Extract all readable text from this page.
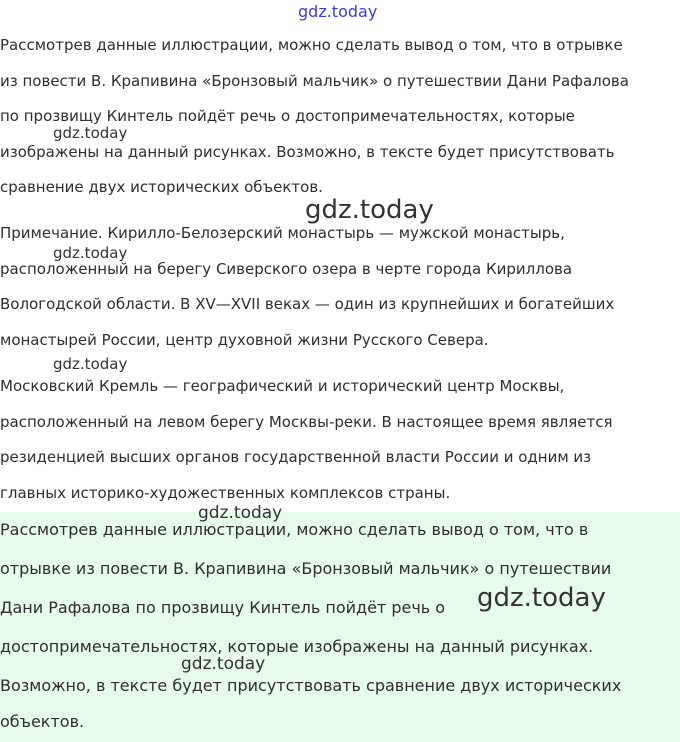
gdz.today
Рассмотрев данные иллюстрации, можно сделать вывод о том, что в отрывке
из повести В. Крапивина «Бронзовый мальчик» о путешествии Дани Рафалова
по прозвищу Кинтель пойдёт речь о достопримечательностях, которые
изображены на данный рисунках. Возможно, в тексте будет присутствовать
сравнение двух исторических объектов.
Примечание. Кирилло-Белозерский монастырь — мужской монастырь,
расположенный на берегу Сиверского озера в черте города Кириллова
Вологодской области. В XV—XVII веках — один из крупнейших и богатейших
монастырей России, центр духовной жизни Русского Севера.
Московский Кремль — географический и исторический центр Москвы,
расположенный на левом берегу Москвы-реки. В настоящее время является
резиденцией высших органов государственной власти России и одним из
главных историко-художественных комплексов страны.
Рассмотрев данные иллюстрации, можно сделать вывод о том, что в
отрывке из повести В. Крапивина «Бронзовый мальчик» о путешествии
Дани Рафалова по прозвищу Кинтель пойдёт речь о
достопримечательностях, которые изображены на данный рисунках.
Возможно, в тексте будет присутствовать сравнение двух исторических
объектов.
gdz.today
gdz.today
gdz.today
gdz.today
gdz.today
gdz.today
gdz.today
